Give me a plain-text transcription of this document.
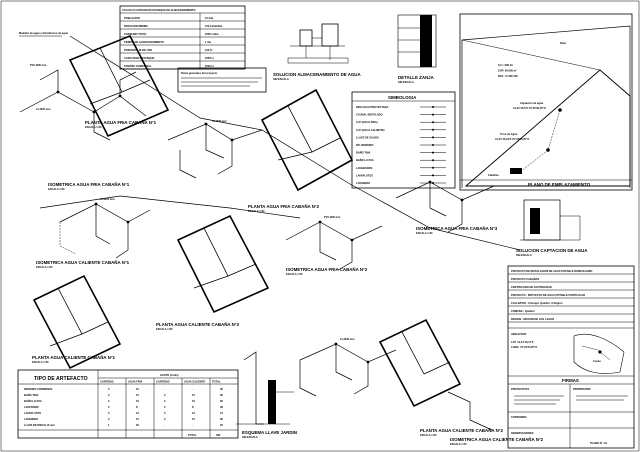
Medidor de agua y distribucion de agua
CALCULO CAPACIDAD ESTANQUE DE ALMACENAMIENTO
POBLACION	15 hab
DOTACION MINIMA	150 Lt/hab/dia
CONSUMO TOTAL	2250 Lt/dia
TIEMPO DE ALMACENAMIENTO	1 dia
PORCENTAJE DE USO	100 %
CAPACIDAD ESTANQUE	2250 Lt
TAMAÑO COMERCIAL	2500 Lt
Notas generales del proyecto	SOLUCION ALMACENAMIENTO DE AGUA
SIN ESCALA	DETALLE ZANJA
SIN ESCALA
SIMBOLOGIA
RED AGUA PROYECTADA
CAUDAL INSTALADO
LLP (AGUA FRIA)
LLP (AGUA CALIENTE)
LLAVE DE SALIDA
WC INODORO
BAÑO TINA
BAÑO LLUVIA
LAVAMANOS
LAVAPLATOS
LAVADERO
Ruta
S.U.: 683-10
SUP: 60.000 m²
ROL: U/ 695 330
Captación de agua
41,44°16,5'S 73°43'36,45"O
Torre de Agua
41,44°16,91'S 73°43'35,25"O
Cabañas
PLANO DE EMPLAZAMIENTO
PLANTA AGUA FRIA CABAÑA N°1
ESCALA 1:50
PLANTA AGUA FRIA CABAÑA N°2
ESCALA 1:50
PLANTA AGUA CALIENTE CABAÑA N°3
ESCALA 1:50
PLANTA AGUA CALIENTE CABAÑA N°1
ESCALA 1:50
PLANTA AGUA CALIENTE CABAÑA N°2
ESCALA 1:50
PVC Ø20 mm
Cu Ø20 mm
ISOMETRICA AGUA FRIA CABAÑA N°1
ESCALA 1:50
Cu Ø20 mm
Cu Ø20 mm
ISOMETRICA AGUA CALIENTE CABAÑA N°1
ESCALA 1:50
ISOMETRICA AGUA FRIA CABAÑA N°3
ESCALA 1:50
PVC Ø20 mm
ISOMETRICA AGUA FRIA CABAÑA N°2
ESCALA 1:50
SOLUCION CAPTACION DE AGUA
SIN ESCALA
Cu Ø20 mm
ISOMETRICA AGUA CALIENTE CABAÑA N°2
ESCALA 1:50
ESQUEMA LLAVE JARDIN
SIN ESCALA
TIPO DE ARTEFACTO
GASTO (L/min)
CANTIDAD	AGUA FRIA	CANTIDAD	AGUA CALIENTE	TOTAL
INODORO CORRIENTE	3	10	-	-	30
BAÑO TINA	3	15	3	15	90
BAÑO LLUVIA	3	10	3	10	60
LAVATORIO	3	8	3	8	48
LAVAPLATOS	3	12	3	12	72
LAVADERO	3	15	3	15	90
LLAVE DE RIEGO 13 mm	1	20	-	-	20
TOTAL	390
PROYECTO DE INSTALACION DE AGUA POTABLE DOMICILIARIO
PROYECTO CABAÑAS
CERTIFICADO DE FACTIBILIDAD
PROYECTO : PROYECTO DE AGUA POTABLE PARTICULAR
CALLE/FDO : Chonqui, Quellón, X Región
COMUNA : Quellón
REGION : REGION DE LOS LAGOS
UBICACION:
LAT: 41,44°16,17'S
LONG: 73°43'34,25"O
Cucao
FIRMAS
PROYECTISTA	PROPIETARIO
CONTENIDO
OBSERVACIONES
PLANO N° 1/1
